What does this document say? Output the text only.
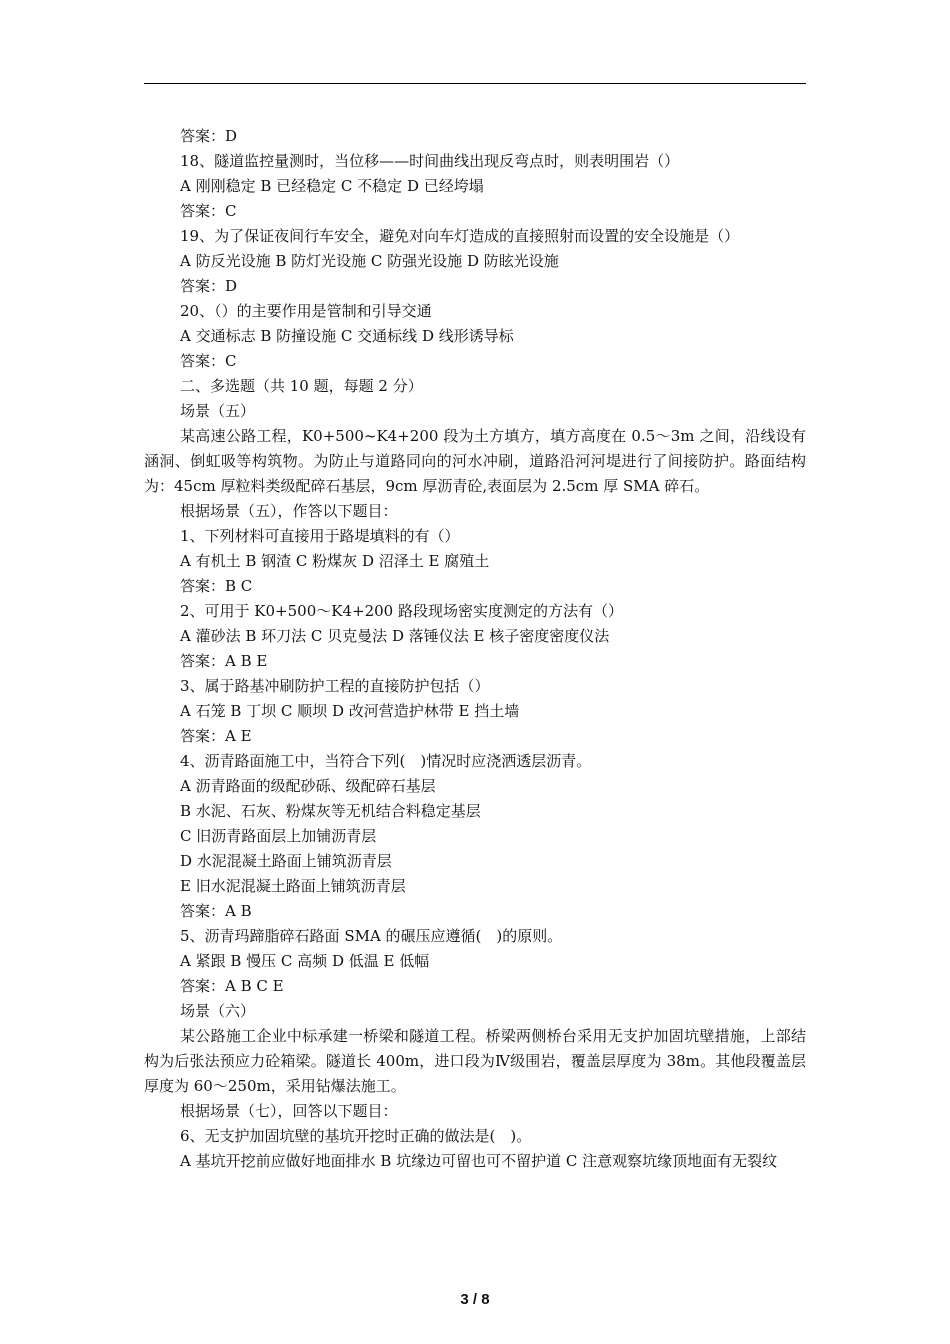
答案：D

18、隧道监控量测时，当位移——时间曲线出现反弯点时，则表明围岩（）

A 刚刚稳定 B 已经稳定 C 不稳定 D 已经垮塌

答案：C

19、为了保证夜间行车安全，避免对向车灯造成的直接照射而设置的安全设施是（）

A 防反光设施 B 防灯光设施 C 防强光设施 D 防眩光设施

答案：D

20、（）的主要作用是管制和引导交通

A 交通标志 B 防撞设施 C 交通标线 D 线形诱导标

答案：C

二、多选题（共 10 题，每题 2 分）

场景（五）

某高速公路工程，K0+500~K4+200 段为土方填方，填方高度在 0.5～3m 之间，沿线设有涵洞、倒虹吸等构筑物。为防止与道路同向的河水冲刷，道路沿河河堤进行了间接防护。路面结构为：45cm 厚粒料类级配碎石基层，9cm 厚沥青砼,表面层为 2.5cm 厚 SMA 碎石。

根据场景（五），作答以下题目：

1、下列材料可直接用于路堤填料的有（）

A 有机土 B 钢渣 C 粉煤灰 D 沼泽土 E 腐殖土

答案：B C

2、可用于 K0+500～K4+200 路段现场密实度测定的方法有（）

A 灌砂法 B 环刀法 C 贝克曼法 D 落锤仪法 E 核子密度密度仪法

答案：A B E

3、属于路基冲刷防护工程的直接防护包括（）

A 石笼 B 丁坝 C 顺坝 D 改河营造护林带 E 挡土墙

答案：A E

4、沥青路面施工中，当符合下列(　)情况时应浇洒透层沥青。

A 沥青路面的级配砂砾、级配碎石基层

B 水泥、石灰、粉煤灰等无机结合料稳定基层

C 旧沥青路面层上加铺沥青层

D 水泥混凝土路面上铺筑沥青层

E 旧水泥混凝土路面上铺筑沥青层

答案：A B

5、沥青玛蹄脂碎石路面 SMA 的碾压应遵循(　)的原则。

A 紧跟 B 慢压 C 高频 D 低温 E 低幅

答案：A B C E

场景（六）

某公路施工企业中标承建一桥梁和隧道工程。桥梁两侧桥台采用无支护加固坑壁措施，上部结构为后张法预应力砼箱梁。隧道长 400m，进口段为Ⅳ级围岩，覆盖层厚度为 38m。其他段覆盖层厚度为 60～250m，采用钻爆法施工。

根据场景（七），回答以下题目：

6、无支护加固坑壁的基坑开挖时正确的做法是(　)。

A 基坑开挖前应做好地面排水 B 坑缘边可留也可不留护道 C 注意观察坑缘顶地面有无裂纹

3 / 8
